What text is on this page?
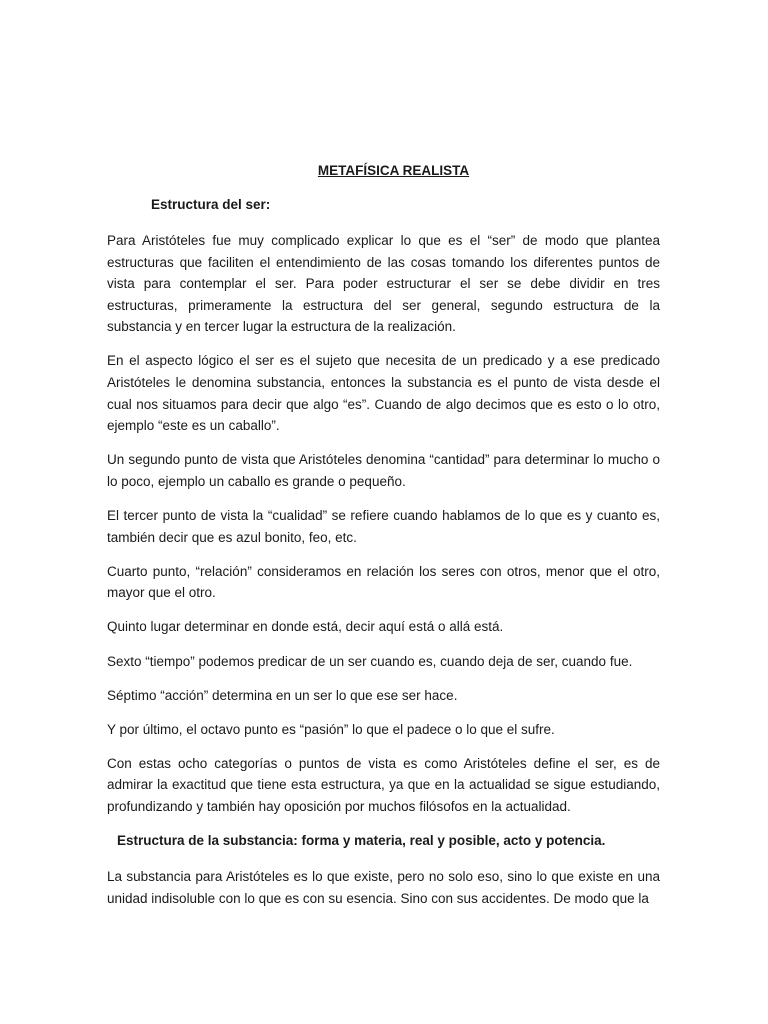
METAFÍSICA REALISTA
Estructura del ser:

Para Aristóteles fue muy complicado explicar lo que es el “ser” de modo que plantea estructuras que faciliten el entendimiento de las cosas tomando los diferentes puntos de vista para contemplar el ser. Para poder estructurar el ser se debe dividir en tres estructuras, primeramente la estructura del ser general, segundo estructura de la substancia y en tercer lugar la estructura de la realización.

En el aspecto lógico el ser es el sujeto que necesita de un predicado y a ese predicado Aristóteles le denomina substancia, entonces la substancia es el punto de vista desde el cual nos situamos para decir que algo “es”. Cuando de algo decimos que es esto o lo otro, ejemplo “este es un caballo”.

Un segundo punto de vista que Aristóteles denomina “cantidad” para determinar lo mucho o lo poco, ejemplo un caballo es grande o pequeño.

El tercer punto de vista la “cualidad” se refiere cuando hablamos de lo que es y cuanto es, también decir que es azul bonito, feo, etc.

Cuarto punto, “relación” consideramos en relación los seres con otros, menor que el otro, mayor que el otro.

Quinto lugar determinar en donde está, decir aquí está o allá está.

Sexto “tiempo” podemos predicar de un ser cuando es, cuando deja de ser, cuando fue.

Séptimo “acción” determina en un ser lo que ese ser hace.

Y por último, el octavo punto es “pasión” lo que el padece o lo que el sufre.

Con estas ocho categorías o puntos de vista es como Aristóteles define el ser, es de admirar la exactitud que tiene esta estructura, ya que en la actualidad se sigue estudiando, profundizando y también hay oposición por muchos filósofos en la actualidad.

Estructura de la substancia: forma y materia, real y posible, acto y potencia.

La substancia para Aristóteles es lo que existe, pero no solo eso, sino lo que existe en una unidad indisoluble con lo que es con su esencia. Sino con sus accidentes. De modo que la
